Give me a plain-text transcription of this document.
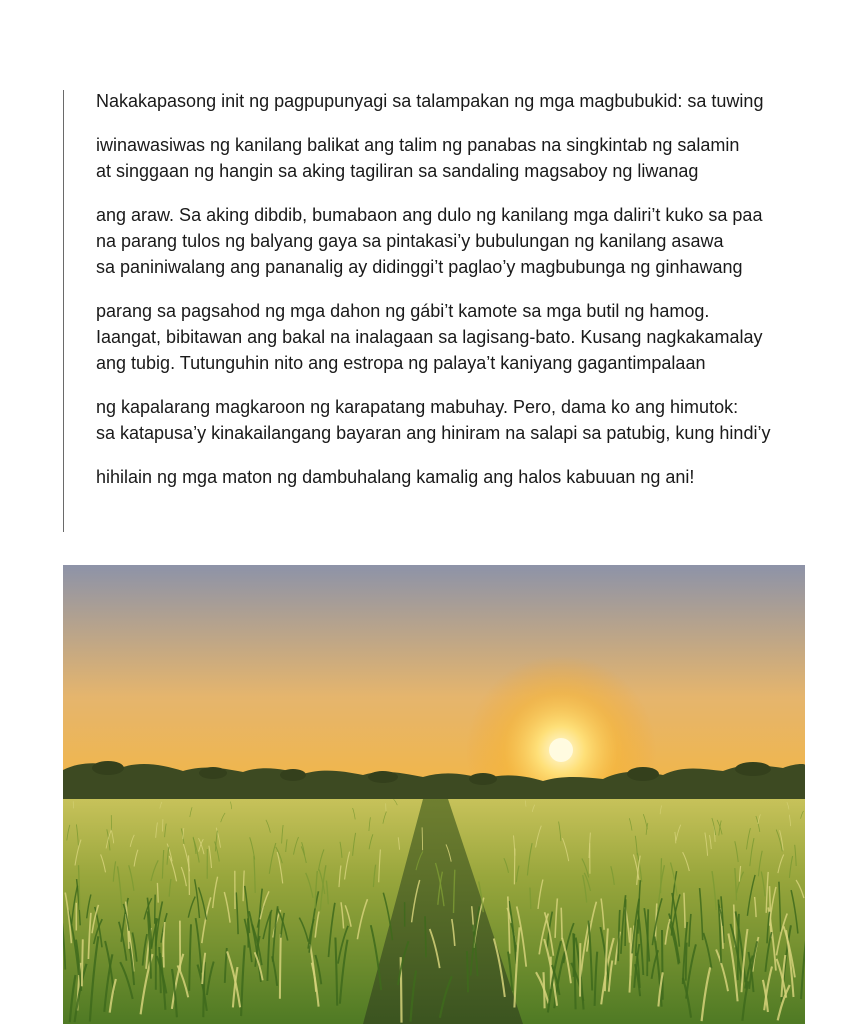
Nakakapasong init ng pagpupunyagi sa talampakan ng mga magbubukid: sa tuwing
iwinawasiwas ng kanilang balikat ang talim ng panabas na singkintab ng salamin
at singgaan ng hangin sa aking tagiliran sa sandaling magsaboy ng liwanag
ang araw. Sa aking dibdib, bumabaon ang dulo ng kanilang mga daliri’t kuko sa paa
na parang tulos ng balyang gaya sa pintakasi’y bubulungan ng kanilang asawa
sa paniniwalang ang pananalig ay didinggi’t paglao’y magbubunga ng ginhawang
parang sa pagsahod ng mga dahon ng gábi’t kamote sa mga butil ng hamog.
Iaangat, bibitawan ang bakal na inalagaan sa lagisang-bato. Kusang nagkakamalay
ang tubig. Tutunguhin nito ang estropa ng palaya’t kaniyang gagantimpalaan
ng kapalarang magkaroon ng karapatang mabuhay. Pero, dama ko ang himutok:
sa katapusa’y kinakailangang bayaran ang hiniram na salapi sa patubig, kung hindi’y
hihilain ng mga maton ng dambuhalang kamalig ang halos kabuuan ng ani!
